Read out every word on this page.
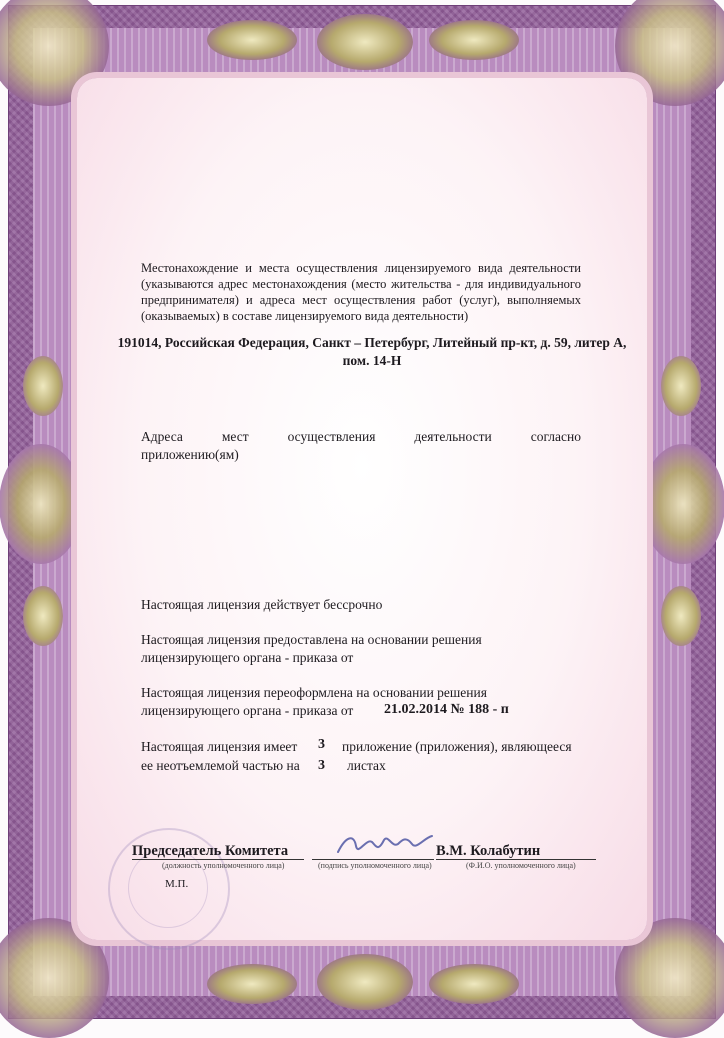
Местонахождение и места осуществления лицензируемого вида деятельности (указываются адрес местонахождения (место жительства - для индивидуального предпринимателя) и адреса мест осуществления работ (услуг), выполняемых (оказываемых) в составе лицензируемого вида деятельности)
191014, Российская Федерация, Санкт – Петербург, Литейный пр-кт, д. 59, литер А,
пом. 14-Н
Адреса мест осуществления деятельности согласно
приложению(ям)
Настоящая лицензия действует бессрочно
Настоящая лицензия предоставлена на основании решения
лицензирующего органа - приказа от
Настоящая лицензия переоформлена на основании решения
лицензирующего органа - приказа от	21.02.2014 № 188 - п
Настоящая лицензия имеет	3	приложение (приложения), являющееся
ее неотъемлемой частью на	3	листах
Председатель Комитета
(должность уполномоченного лица)	(подпись уполномоченного лица)
В.М. Колабутин
(Ф.И.О. уполномоченного лица)
М.П.
